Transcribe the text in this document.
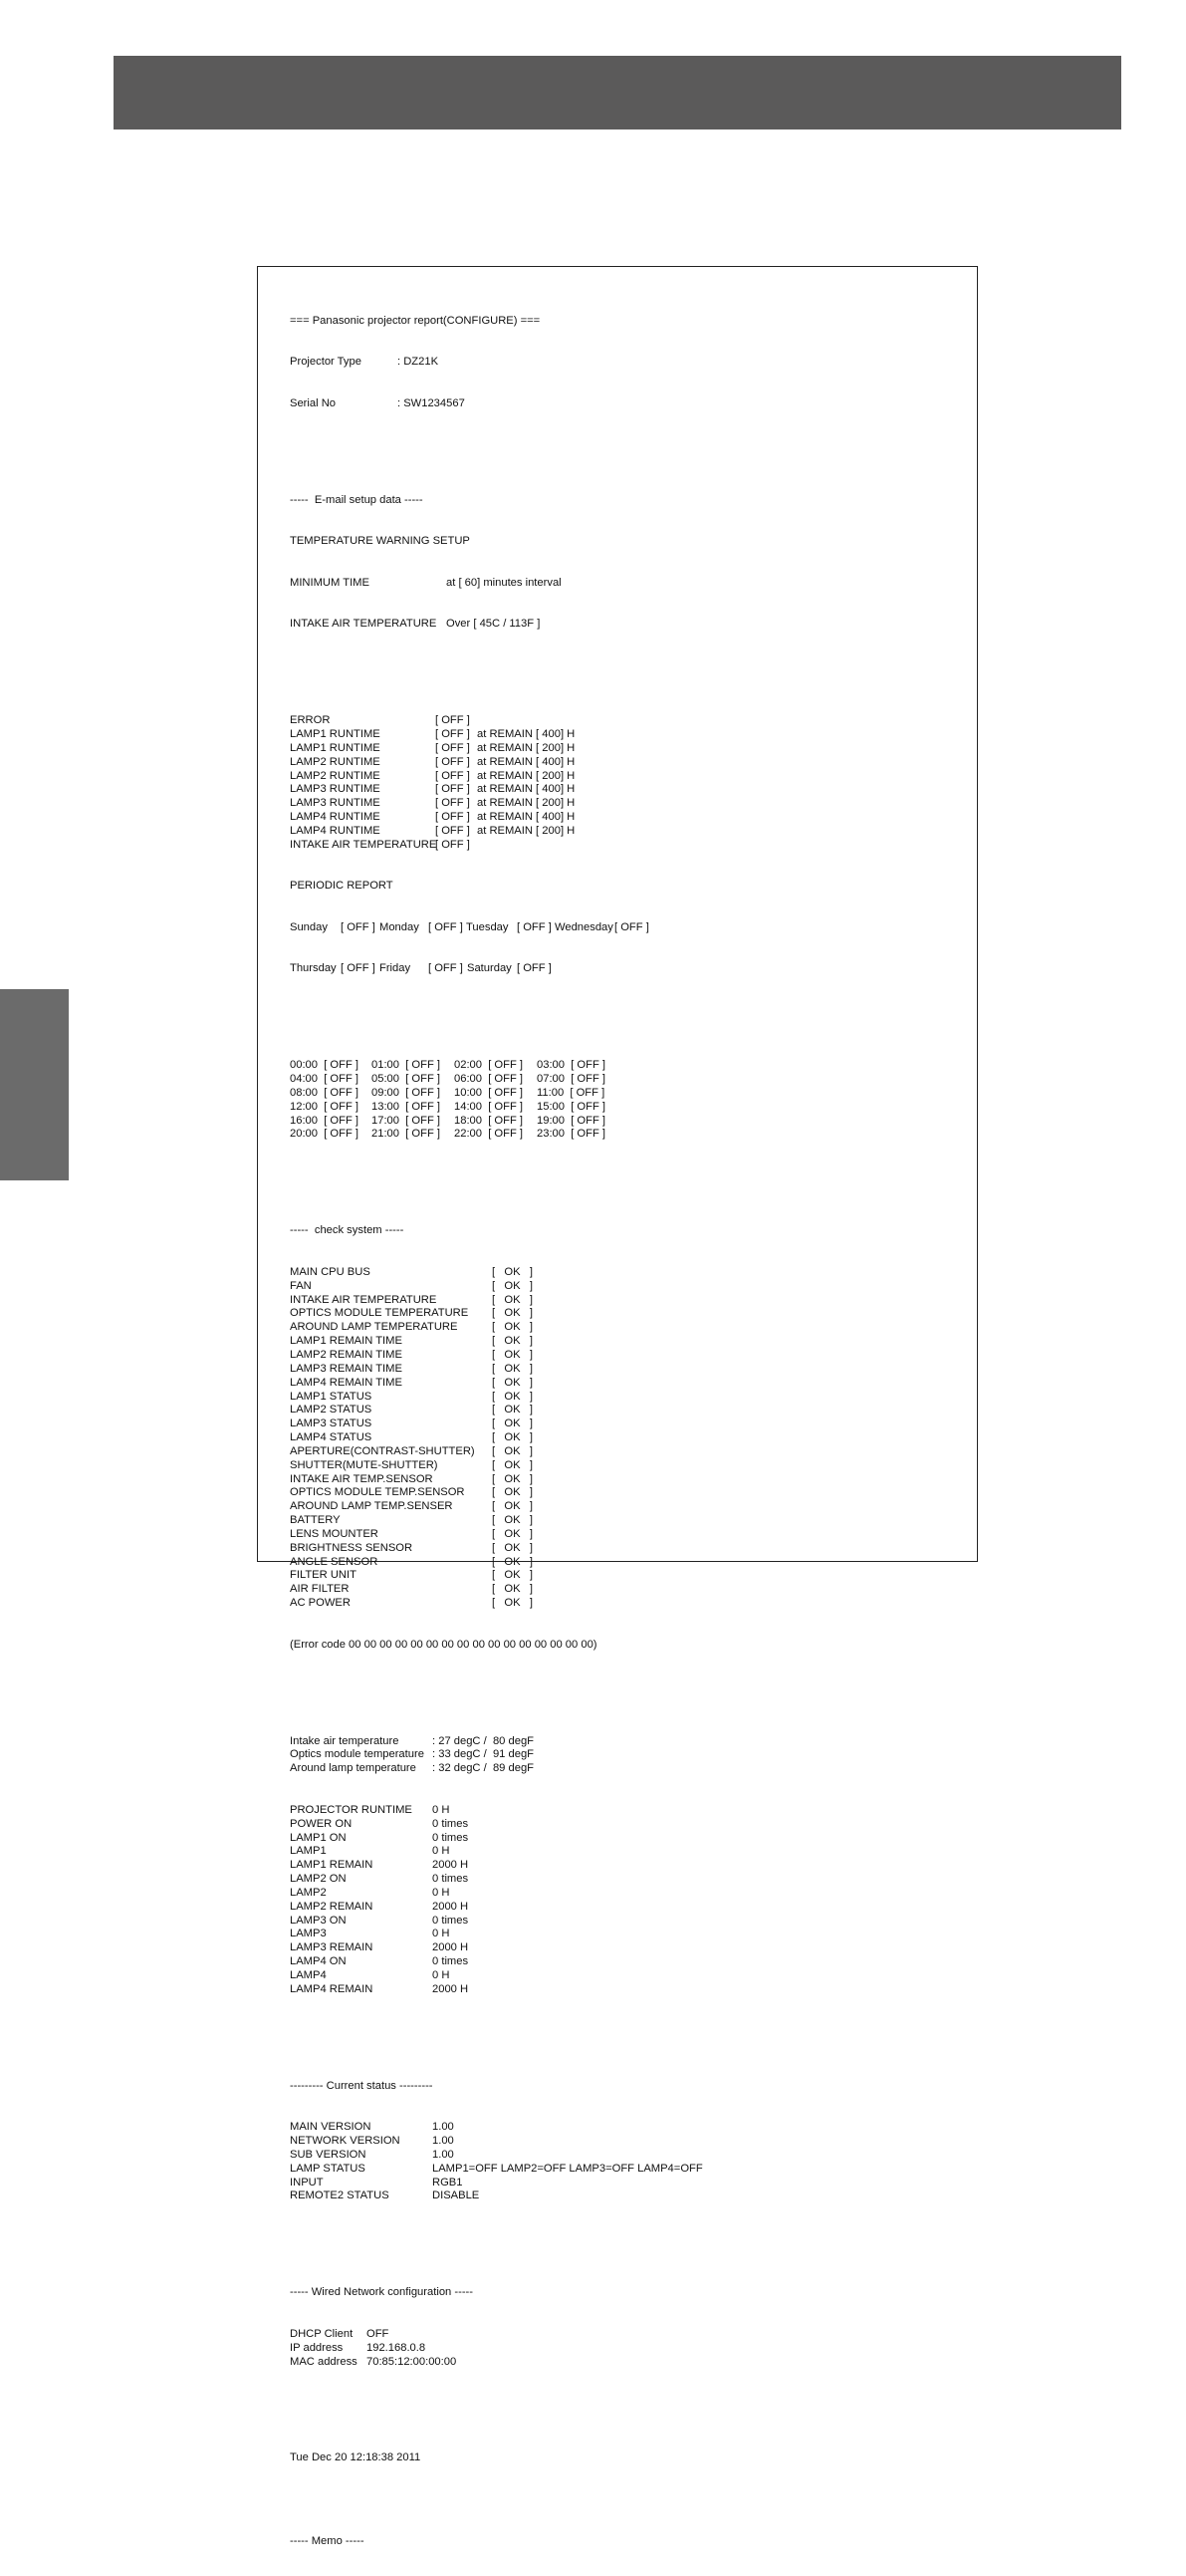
=== Panasonic projector report(CONFIGURE) ===

Projector Type

	: DZ21K

Serial No

	: SW1234567

-----  E-mail setup data -----

TEMPERATURE WARNING SETUP

MINIMUM TIME

	at [ 60] minutes interval

INTAKE AIR TEMPERATURE

Over [ 45C / 113F ]

ERROR	[ OFF ]
LAMP1 RUNTIME	[ OFF ] at REMAIN [ 400] H
LAMP1 RUNTIME	[ OFF ] at REMAIN [ 200] H
LAMP2 RUNTIME	[ OFF ] at REMAIN [ 400] H
LAMP2 RUNTIME	[ OFF ] at REMAIN [ 200] H
LAMP3 RUNTIME	[ OFF ] at REMAIN [ 400] H
LAMP3 RUNTIME	[ OFF ] at REMAIN [ 200] H
LAMP4 RUNTIME	[ OFF ] at REMAIN [ 400] H
LAMP4 RUNTIME	[ OFF ] at REMAIN [ 200] H
INTAKE AIR TEMPERATURE
[ OFF ]

PERIODIC REPORT

Sunday [ OFF ] Monday [ OFF ] Tuesday [ OFF ] Wednesday [ OFF ]

Thursday [ OFF ] Friday [ OFF ] Saturday [ OFF ]

00:00  [ OFF ] 01:00  [ OFF ] 02:00  [ OFF ] 03:00  [ OFF ]
04:00  [ OFF ] 05:00  [ OFF ] 06:00  [ OFF ] 07:00  [ OFF ]
08:00  [ OFF ] 09:00  [ OFF ] 10:00  [ OFF ] 11:00  [ OFF ]
12:00  [ OFF ] 13:00  [ OFF ] 14:00  [ OFF ] 15:00  [ OFF ]
16:00  [ OFF ] 17:00  [ OFF ] 18:00  [ OFF ] 19:00  [ OFF ]
20:00  [ OFF ] 21:00  [ OFF ] 22:00  [ OFF ] 23:00  [ OFF ]

-----  check system -----

MAIN CPU BUS	[   OK   ]
FAN	[   OK   ]
INTAKE AIR TEMPERATURE	[   OK   ]
OPTICS MODULE TEMPERATURE [   OK   ]
AROUND LAMP TEMPERATURE	[   OK   ]
LAMP1 REMAIN TIME	[   OK   ]
LAMP2 REMAIN TIME	[   OK   ]
LAMP3 REMAIN TIME	[   OK   ]
LAMP4 REMAIN TIME	[   OK   ]
LAMP1 STATUS	[   OK   ]
LAMP2 STATUS	[   OK   ]
LAMP3 STATUS	[   OK   ]
LAMP4 STATUS	[   OK   ]
APERTURE(CONTRAST-SHUTTER) [   OK   ]
SHUTTER(MUTE-SHUTTER)	[   OK   ]
INTAKE AIR TEMP.SENSOR	[   OK   ]
OPTICS MODULE TEMP.SENSOR [   OK   ]
AROUND LAMP TEMP.SENSER	[   OK   ]
BATTERY	[   OK   ]
LENS MOUNTER	[   OK   ]
BRIGHTNESS SENSOR	[   OK   ]
ANGLE SENSOR	[   OK   ]
FILTER UNIT	[   OK   ]
AIR FILTER	[   OK   ]
AC POWER	[   OK   ]

(Error code 00 00 00 00 00 00 00 00 00 00 00 00 00 00 00 00)

Intake air temperature	: 27 degC /  80 degF
Optics module temperature : 33 degC /  91 degF
Around lamp temperature : 32 degC /  89 degF

PROJECTOR RUNTIME 0 H
POWER ON	0 times
LAMP1 ON	0 times
LAMP1	0 H
LAMP1 REMAIN	2000 H
LAMP2 ON	0 times
LAMP2	0 H
LAMP2 REMAIN	2000 H
LAMP3 ON	0 times
LAMP3	0 H
LAMP3 REMAIN	2000 H
LAMP4 ON	0 times
LAMP4	0 H
LAMP4 REMAIN	2000 H

--------- Current status ---------

MAIN VERSION	1.00
NETWORK VERSION	1.00
SUB VERSION	1.00
LAMP STATUS	LAMP1=OFF LAMP2=OFF LAMP3=OFF LAMP4=OFF
INPUT	RGB1
REMOTE2 STATUS	DISABLE

----- Wired Network configuration -----

DHCP Client OFF
IP address 192.168.0.8
MAC address 70:85:12:00:00:00

Tue Dec 20 12:18:38 2011

----- Memo -----
